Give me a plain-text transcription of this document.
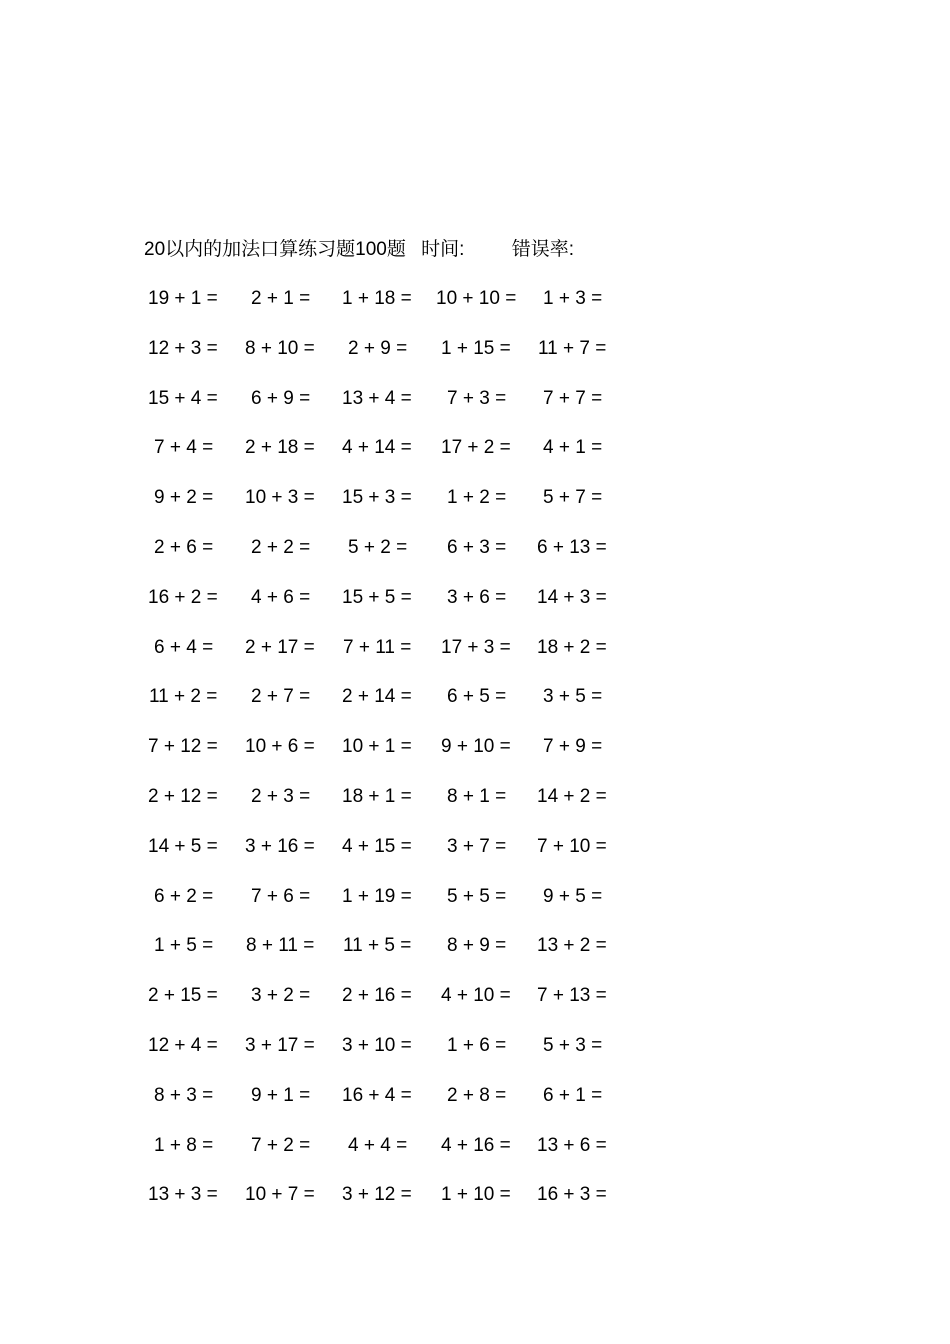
20以内的加法口算练习题100题 时间: 错误率:
19 + 1 = 2 + 1 = 1 + 18 = 10 + 10 = 1 + 3 =
12 + 3 = 8 + 10 = 2 + 9 = 1 + 15 = 11 + 7 =
15 + 4 = 6 + 9 = 13 + 4 = 7 + 3 = 7 + 7 =
7 + 4 = 2 + 18 = 4 + 14 = 17 + 2 = 4 + 1 =
9 + 2 = 10 + 3 = 15 + 3 = 1 + 2 = 5 + 7 =
2 + 6 = 2 + 2 = 5 + 2 = 6 + 3 = 6 + 13 =
16 + 2 = 4 + 6 = 15 + 5 = 3 + 6 = 14 + 3 =
6 + 4 = 2 + 17 = 7 + 11 = 17 + 3 = 18 + 2 =
11 + 2 = 2 + 7 = 2 + 14 = 6 + 5 = 3 + 5 =
7 + 12 = 10 + 6 = 10 + 1 = 9 + 10 = 7 + 9 =
2 + 12 = 2 + 3 = 18 + 1 = 8 + 1 = 14 + 2 =
14 + 5 = 3 + 16 = 4 + 15 = 3 + 7 = 7 + 10 =
6 + 2 = 7 + 6 = 1 + 19 = 5 + 5 = 9 + 5 =
1 + 5 = 8 + 11 = 11 + 5 = 8 + 9 = 13 + 2 =
2 + 15 = 3 + 2 = 2 + 16 = 4 + 10 = 7 + 13 =
12 + 4 = 3 + 17 = 3 + 10 = 1 + 6 = 5 + 3 =
8 + 3 = 9 + 1 = 16 + 4 = 2 + 8 = 6 + 1 =
1 + 8 = 7 + 2 = 4 + 4 = 4 + 16 = 13 + 6 =
13 + 3 = 10 + 7 = 3 + 12 = 1 + 10 = 16 + 3 =
